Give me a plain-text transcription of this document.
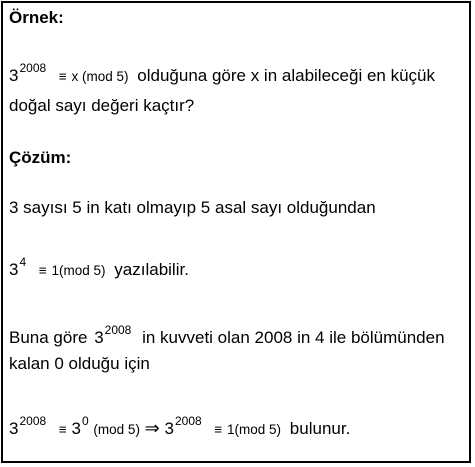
Örnek:
$3^{2008} \equiv x$ (mod 5) olduğuna göre x in alabileceği en küçük
doğal sayı değeri kaçtır?
Çözüm:
3 sayısı 5 in katı olmayıp 5 asal sayı olduğundan
$3^4 \equiv 1(mod$ 5) yazılabilir.
Buna göre $3^{2008}$ in kuvveti olan 2008 in 4 ile bölümünden
kalan 0 olduğu için
$3^{2008} \equiv 3^0$ (mod 5) ⇒ $3^{2008} \equiv 1(mod$ 5) bulunur.
